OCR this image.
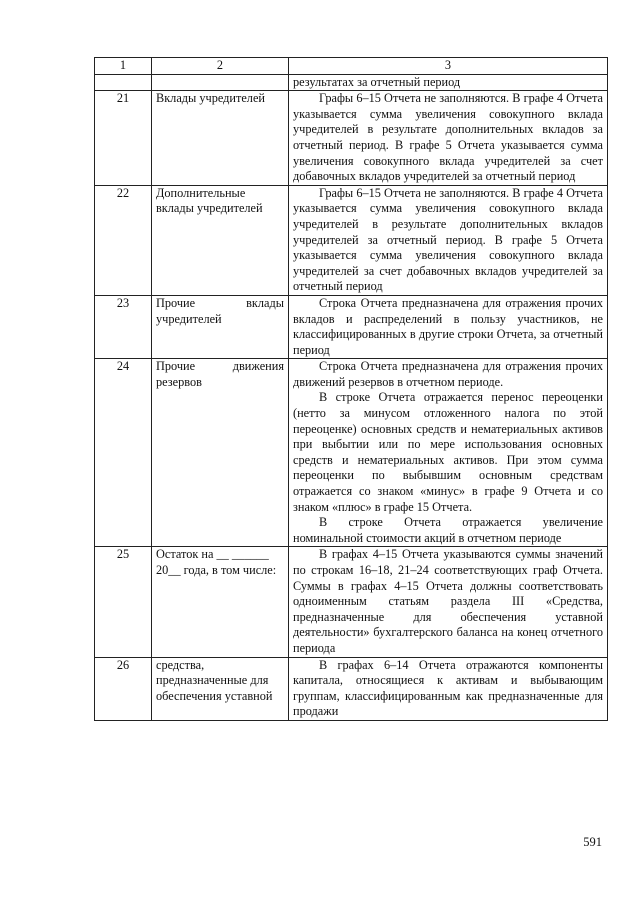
1	2	3
		результатах за отчетный период
21	Вклады учредителей	Графы 6–15 Отчета не заполняются. В графе 4 Отчета указывается сумма увеличения совокупного вклада учредителей в результате дополнительных вкладов за отчетный период. В графе 5 Отчета указывается сумма увеличения совокупного вклада учредителей за счет добавочных вкладов учредителей за отчетный период

22	Дополнительные вклады учредителей	Графы 6–15 Отчета не заполняются. В графе 4 Отчета указывается сумма увеличения совокупного вклада учредителей в результате дополнительных вкладов учредителей за отчетный период. В графе 5 Отчета указывается сумма увеличения совокупного вклада учредителей за счет добавочных вкладов учредителей за отчетный период

23	Прочие вклады учредителей	Строка Отчета предназначена для отражения прочих вкладов и распределений в пользу участников, не классифицированных в другие строки Отчета, за отчетный период

24	Прочие движения резервов	Строка Отчета предназначена для отражения прочих движений резервов в отчетном периоде.
В строке Отчета отражается перенос переоценки (нетто за минусом отложенного налога по этой переоценке) основных средств и нематериальных активов при выбытии или по мере использования основных средств и нематериальных активов. При этом сумма переоценки по выбывшим основным средствам отражается со знаком «минус» в графе 9 Отчета и со знаком «плюс» в графе 15 Отчета.
В строке Отчета отражается увеличение номинальной стоимости акций в отчетном периоде

25	Остаток на __ ______ 20__ года, в том числе:	В графах 4–15 Отчета указываются суммы значений по строкам 16–18, 21–24 соответствующих граф Отчета. Суммы в графах 4–15 Отчета должны соответствовать одноименным статьям раздела III «Средства, предназначенные для обеспечения уставной деятельности» бухгалтерского баланса на конец отчетного периода

26	средства, предназначенные для обеспечения уставной	В графах 6–14 Отчета отражаются компоненты капитала, относящиеся к активам и выбывающим группам, классифицированным как предназначенные для продажи
591
